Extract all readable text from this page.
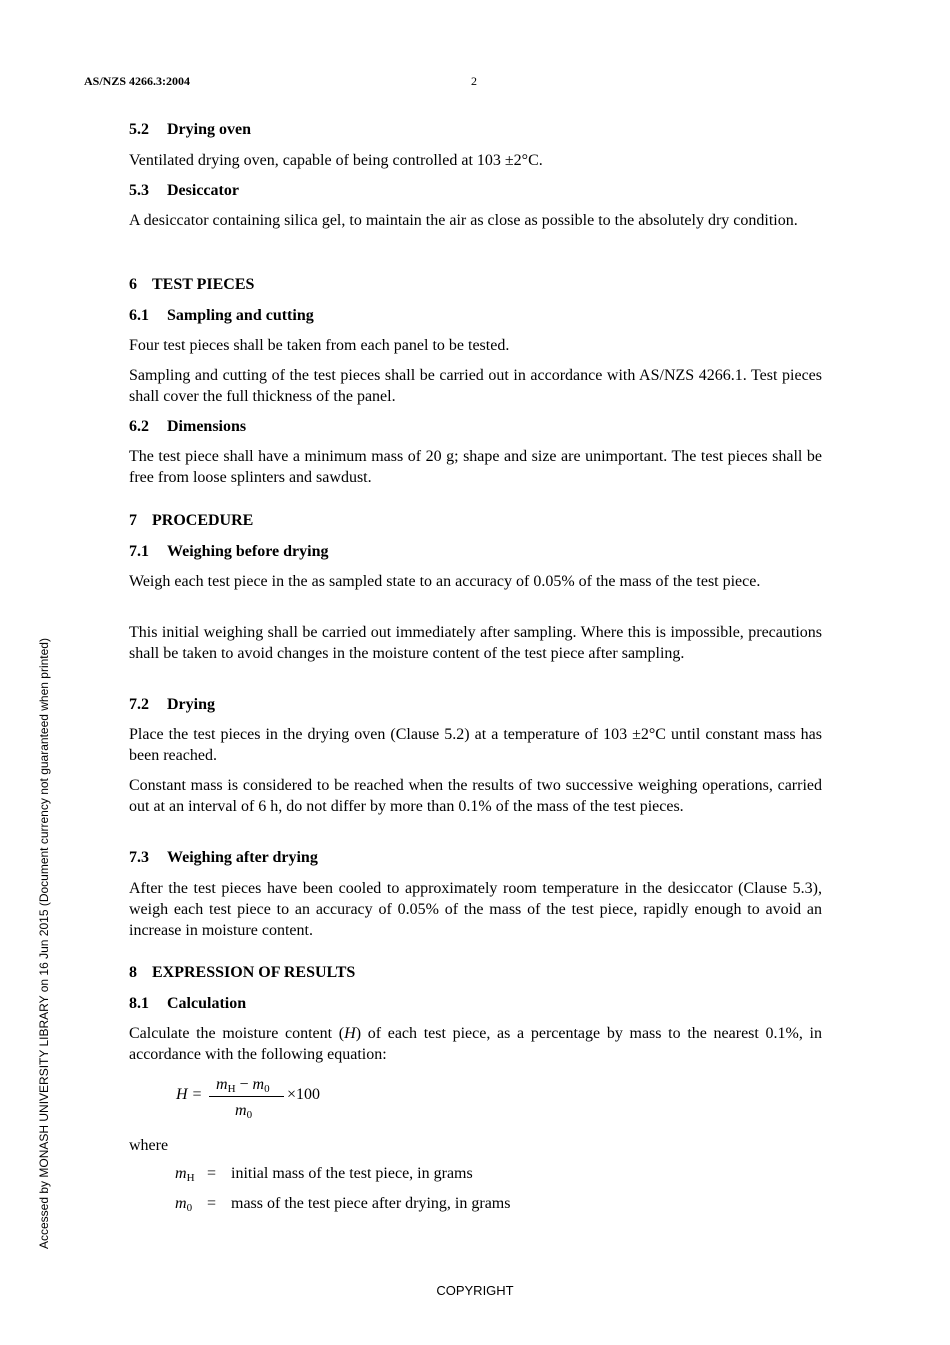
AS/NZS 4266.3:2004	2
Accessed by MONASH UNIVERSITY LIBRARY on 16 Jun 2015 (Document currency not guaranteed when printed)
5.2 Drying oven
Ventilated drying oven, capable of being controlled at 103 ±2°C.
5.3 Desiccator
A desiccator containing silica gel, to maintain the air as close as possible to the absolutely dry condition.
6 TEST PIECES
6.1 Sampling and cutting
Four test pieces shall be taken from each panel to be tested.
Sampling and cutting of the test pieces shall be carried out in accordance with AS/NZS 4266.1. Test pieces shall cover the full thickness of the panel.
6.2 Dimensions
The test piece shall have a minimum mass of 20 g; shape and size are unimportant. The test pieces shall be free from loose splinters and sawdust.
7 PROCEDURE
7.1 Weighing before drying
Weigh each test piece in the as sampled state to an accuracy of 0.05% of the mass of the test piece.
This initial weighing shall be carried out immediately after sampling. Where this is impossible, precautions shall be taken to avoid changes in the moisture content of the test piece after sampling.
7.2 Drying
Place the test pieces in the drying oven (Clause 5.2) at a temperature of 103 ±2°C until constant mass has been reached.
Constant mass is considered to be reached when the results of two successive weighing operations, carried out at an interval of 6 h, do not differ by more than 0.1% of the mass of the test pieces.
7.3 Weighing after drying
After the test pieces have been cooled to approximately room temperature in the desiccator (Clause 5.3), weigh each test piece to an accuracy of 0.05% of the mass of the test piece, rapidly enough to avoid an increase in moisture content.
8 EXPRESSION OF RESULTS
8.1 Calculation
Calculate the moisture content (H) of each test piece, as a percentage by mass to the nearest 0.1%, in accordance with the following equation:
H =
$m_H - m_0$
$m_0$
×100
where
$m_H$ = initial mass of the test piece, in grams
$m_0$ = mass of the test piece after drying, in grams
COPYRIGHT
